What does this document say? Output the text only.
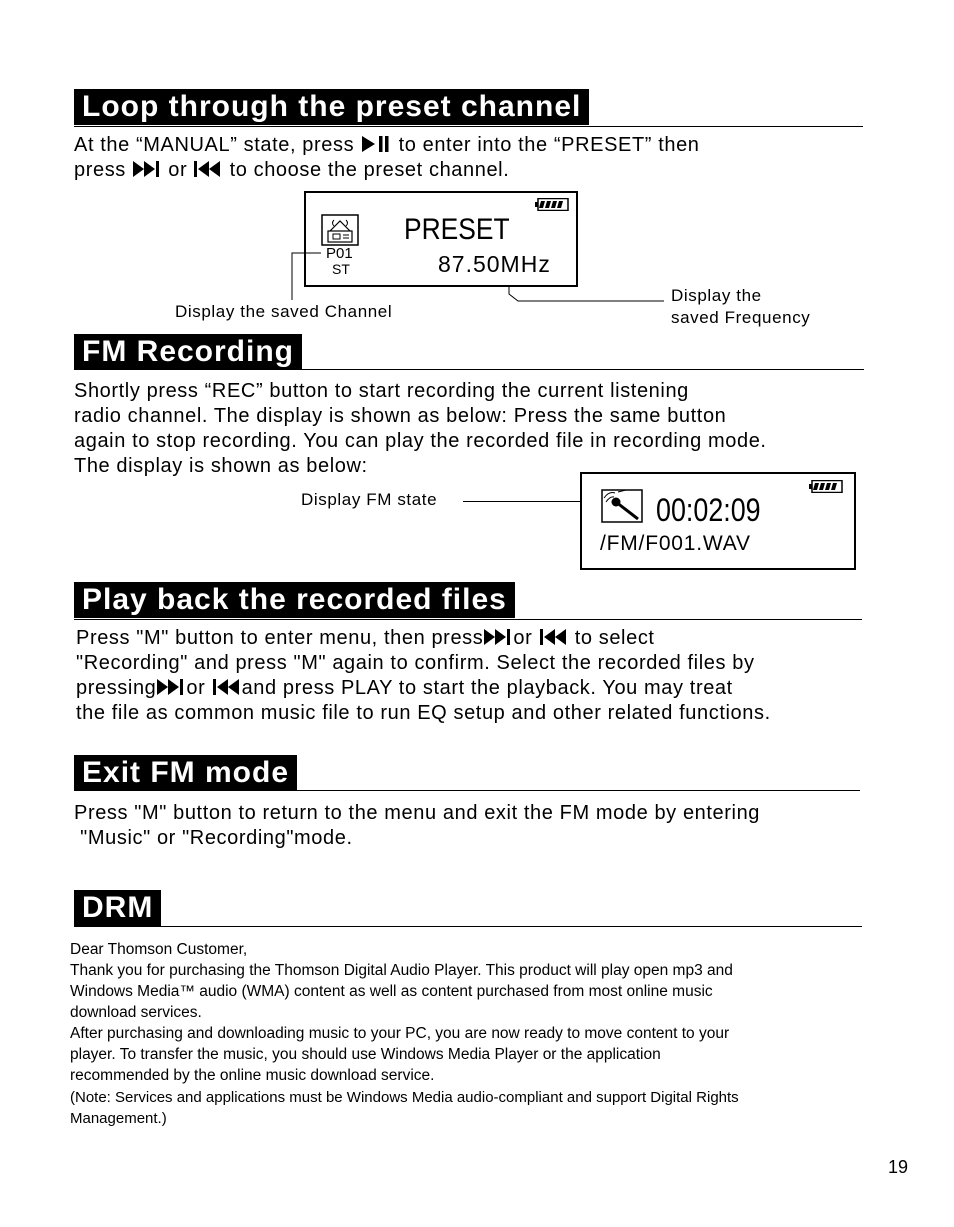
Loop through the preset channel
At the “MANUAL” state, press to enter into the “PRESET” then
press or to choose the preset channel.
P01
ST
PRESET
87.50MHz
Display the saved Channel
Display the
saved Frequency
FM Recording
Shortly press “REC” button to start recording the current listening
radio channel. The display is shown as below: Press the same button
again to stop recording. You can play the recorded file in recording mode.
The display is shown as below:
Display FM state	00:02:09
/FM/F001.WAV
Play back the recorded files
Press "M" button to enter menu, then press or to select
"Recording" and press "M" again to confirm. Select the recorded files by
pressing or and press PLAY to start the playback. You may treat
the file as common music file to run EQ setup and other related functions.
Exit FM mode
Press "M" button to return to the menu and exit the FM mode by entering
"Music" or "Recording"mode.
DRM
Dear Thomson Customer,
Thank you for purchasing the Thomson Digital Audio Player. This product will play open mp3 and
Windows Media™ audio (WMA) content as well as content purchased from most online music
download services.
After purchasing and downloading music to your PC, you are now ready to move content to your
player. To transfer the music, you should use Windows Media Player or the application
recommended by the online music download service.
(Note: Services and applications must be Windows Media audio-compliant and support Digital Rights
Management.)
19
